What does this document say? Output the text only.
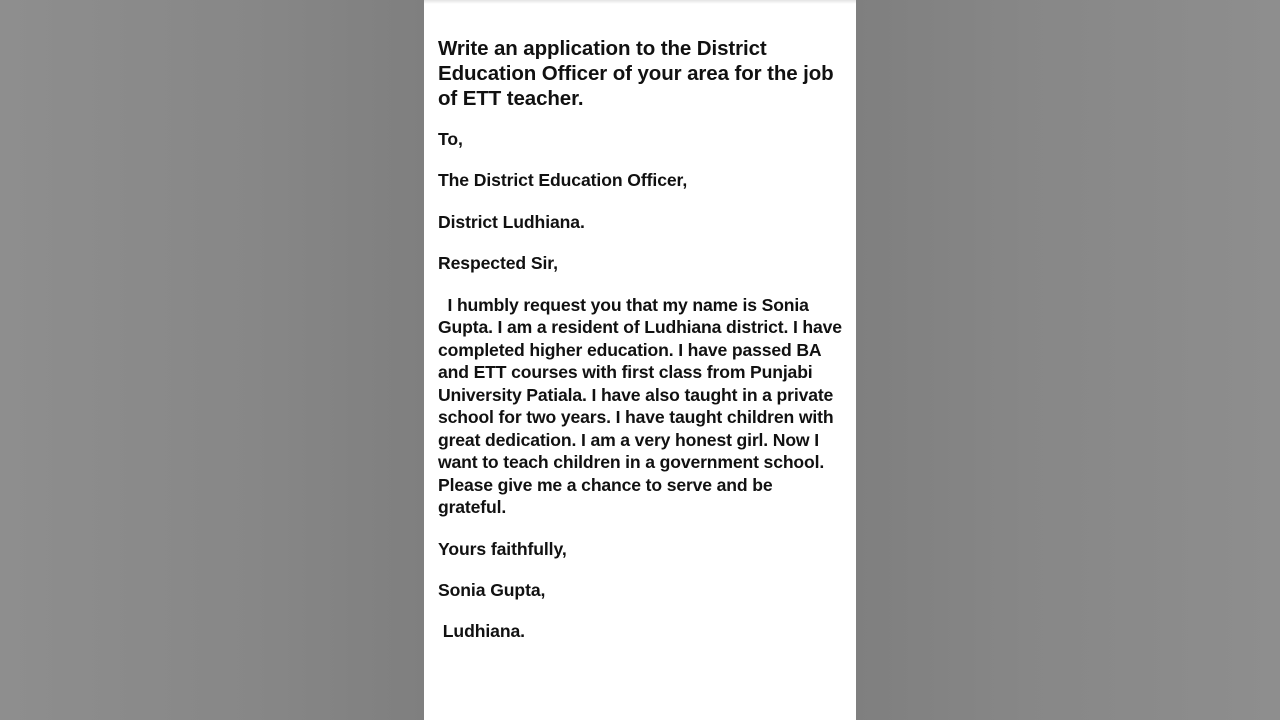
Write an application to the District Education Officer of your area for the job of ETT teacher.
To,
The District Education Officer,
District Ludhiana.
Respected Sir,
I humbly request you that my name is Sonia Gupta. I am a resident of Ludhiana district. I have completed higher education. I have passed BA and ETT courses with first class from Punjabi University Patiala. I have also taught in a private school for two years. I have taught children with great dedication. I am a very honest girl. Now I want to teach children in a government school. Please give me a chance to serve and be grateful.
Yours faithfully,
Sonia Gupta,
Ludhiana.
